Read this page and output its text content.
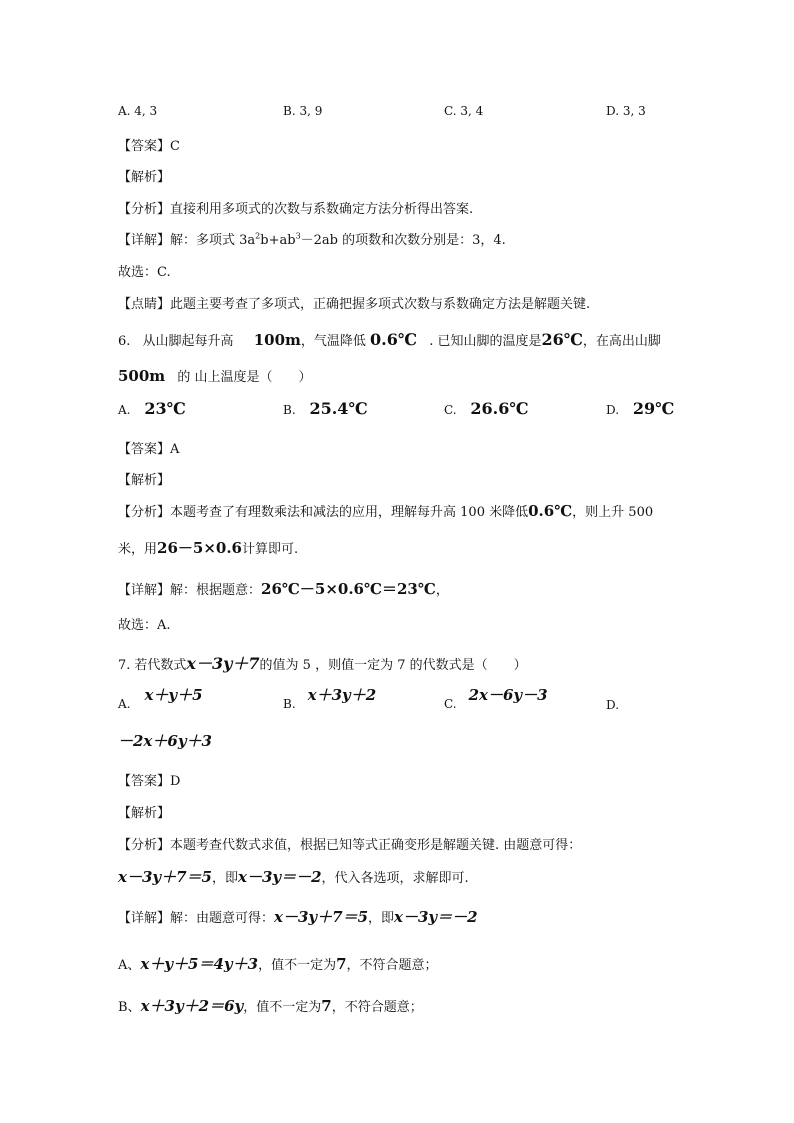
A. 4, 3	B. 3, 9	C. 3, 4	D. 3, 3
【答案】C
【解析】
【分析】直接利用多项式的次数与系数确定方法分析得出答案.
【详解】解：多项式 $3a^2b+ab^3-2ab$ 的项数和次数分别是：3，4.
故选：C.
【点睛】此题主要考查了多项式，正确把握多项式次数与系数确定方法是解题关键.
6. 从山脚起每升高 100m，气温降低 0.6℃ . 已知山脚的温度是26℃，在高出山脚
500m 的 山上温度是（　　）
A. 23℃	B. 25.4℃	C. 26.6℃	D. 29℃
【答案】A
【解析】
【分析】本题考查了有理数乘法和减法的应用，理解每升高 100 米降低0.6℃，则上升 500
米，用26－5×0.6计算即可.
【详解】解：根据题意：26℃－5×0.6℃＝23℃，
故选：A.
7. 若代数式x－3y＋7的值为 5 ，则值一定为 7 的代数式是（　　）
A. x＋y＋5	B. x＋3y＋2	C. 2x－6y－3
D.
－2x＋6y＋3
【答案】D
【解析】
【分析】本题考查代数式求值，根据已知等式正确变形是解题关键. 由题意可得：
x－3y＋7＝5，即x－3y＝－2，代入各选项，求解即可.
【详解】解：由题意可得：x－3y＋7＝5，即x－3y＝－2
A、x＋y＋5＝4y＋3，值不一定为7，不符合题意；
B、x＋3y＋2＝6y，值不一定为7，不符合题意；
